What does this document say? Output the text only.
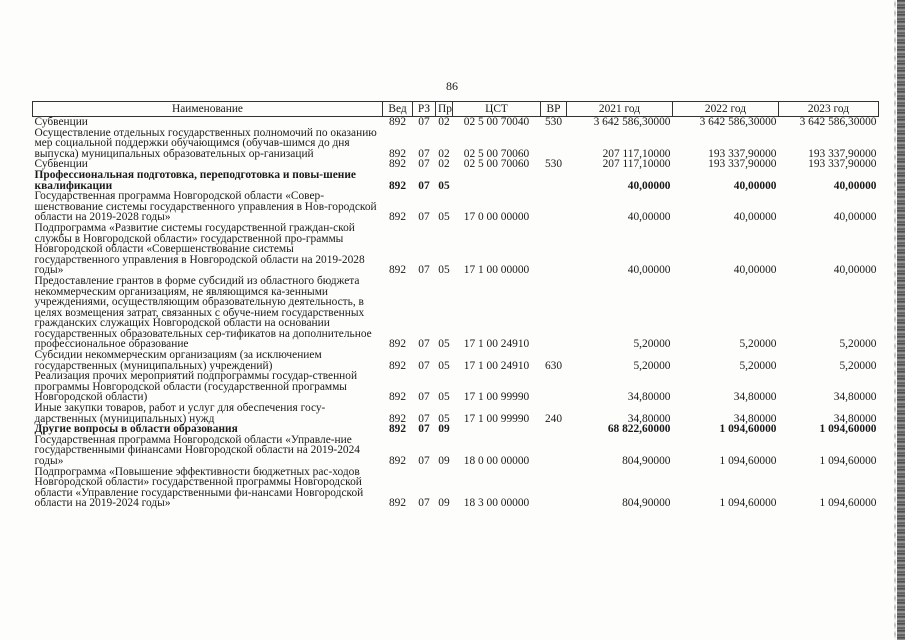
86
Наименование	Вед	РЗ	Пр	ЦСТ	ВР	2021 год	2022 год	2023 год
Субвенции	892	07	02	02 5 00 70040	530	3 642 586,30000	3 642 586,30000	3 642 586,30000
Осуществление отдельных государственных полномочий по оказанию мер социальной поддержки обучающимся (обучав-шимся до дня выпуска) муниципальных образовательных ор-ганизаций	892	07	02	02 5 00 70060		207 117,10000	193 337,90000	193 337,90000
Субвенции	892	07	02	02 5 00 70060	530	207 117,10000	193 337,90000	193 337,90000
Профессиональная подготовка, переподготовка и повы-шение квалификации	892	07	05			40,00000	40,00000	40,00000
Государственная программа Новгородской области «Совер-шенствование системы государственного управления в Нов-городской области на 2019-2028 годы»	892	07	05	17 0 00 00000		40,00000	40,00000	40,00000
Подпрограмма «Развитие системы государственной граждан-ской службы в Новгородской области» государственной про-граммы Новгородской области «Совершенствование системы государственного управления в Новгородской области на 2019-2028 годы»	892	07	05	17 1 00 00000		40,00000	40,00000	40,00000
Предоставление грантов в форме субсидий из областного бюджета некоммерческим организациям, не являющимся ка-зенными учреждениями, осуществляющим образовательную деятельность, в целях возмещения затрат, связанных с обуче-нием государственных гражданских служащих Новгородской области на основании государственных образовательных сер-тификатов на дополнительное профессиональное образование	892	07	05	17 1 00 24910		5,20000	5,20000	5,20000
Субсидии некоммерческим организациям (за исключением государственных (муниципальных) учреждений)	892	07	05	17 1 00 24910	630	5,20000	5,20000	5,20000
Реализация прочих мероприятий подпрограммы государ-ственной программы Новгородской области (государственной программы Новгородской области)	892	07	05	17 1 00 99990		34,80000	34,80000	34,80000
Иные закупки товаров, работ и услуг для обеспечения госу-дарственных (муниципальных) нужд	892	07	05	17 1 00 99990	240	34,80000	34,80000	34,80000
Другие вопросы в области образования	892	07	09			68 822,60000	1 094,60000	1 094,60000
Государственная программа Новгородской области «Управле-ние государственными финансами Новгородской области на 2019-2024 годы»	892	07	09	18 0 00 00000		804,90000	1 094,60000	1 094,60000
Подпрограмма «Повышение эффективности бюджетных рас-ходов Новгородской области» государственной программы Новгородской области «Управление государственными фи-нансами Новгородской области на 2019-2024 годы»	892	07	09	18 3 00 00000		804,90000	1 094,60000	1 094,60000
